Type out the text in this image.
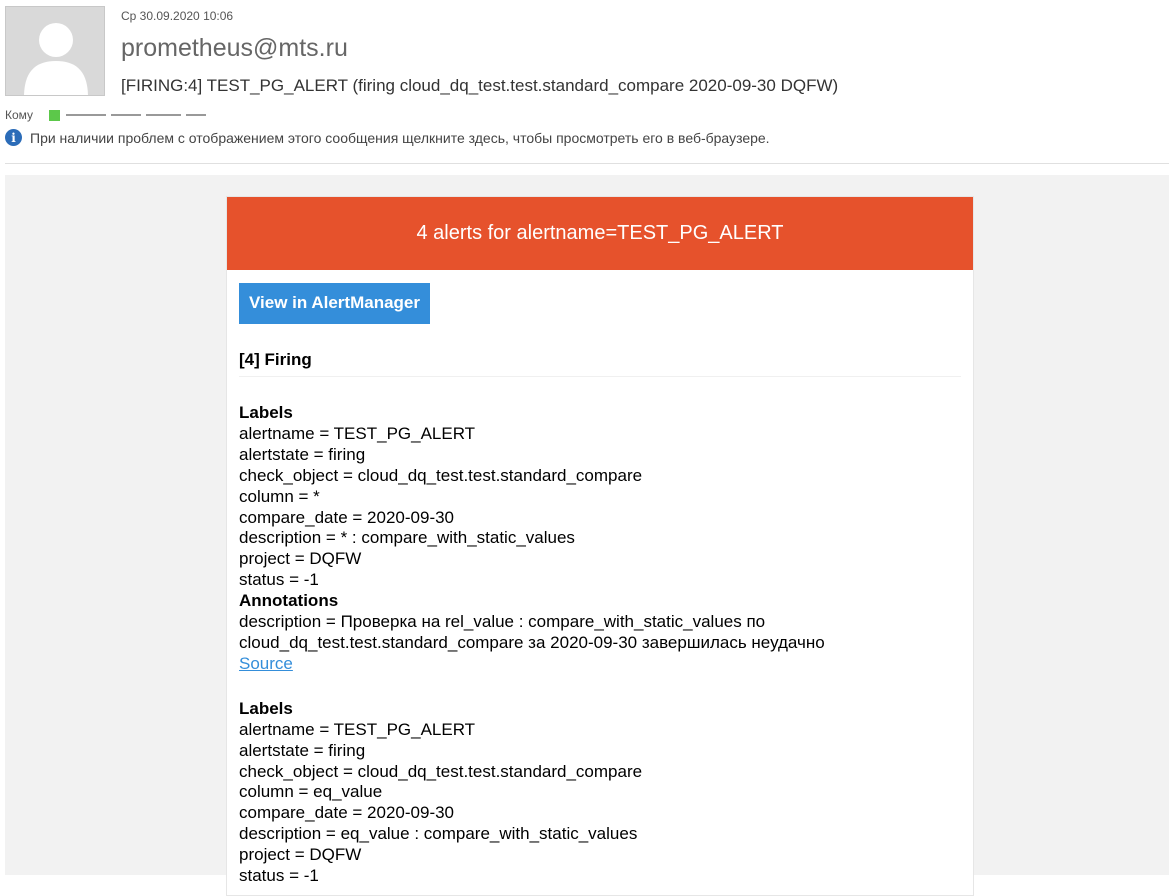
Ср 30.09.2020 10:06
prometheus@mts.ru
[FIRING:4] TEST_PG_ALERT (firing cloud_dq_test.test.standard_compare 2020-09-30 DQFW)
Кому
i	При наличии проблем с отображением этого сообщения щелкните здесь, чтобы просмотреть его в веб-браузере.
4 alerts for alertname=TEST_PG_ALERT
View in AlertManager
[4] Firing
Labels
alertname = TEST_PG_ALERT
alertstate = firing
check_object = cloud_dq_test.test.standard_compare
column = *
compare_date = 2020-09-30
description = * : compare_with_static_values
project = DQFW
status = -1
Annotations
description = Проверка на rel_value : compare_with_static_values по
cloud_dq_test.test.standard_compare за 2020-09-30 завершилась неудачно
Source
Labels
alertname = TEST_PG_ALERT
alertstate = firing
check_object = cloud_dq_test.test.standard_compare
column = eq_value
compare_date = 2020-09-30
description = eq_value : compare_with_static_values
project = DQFW
status = -1
